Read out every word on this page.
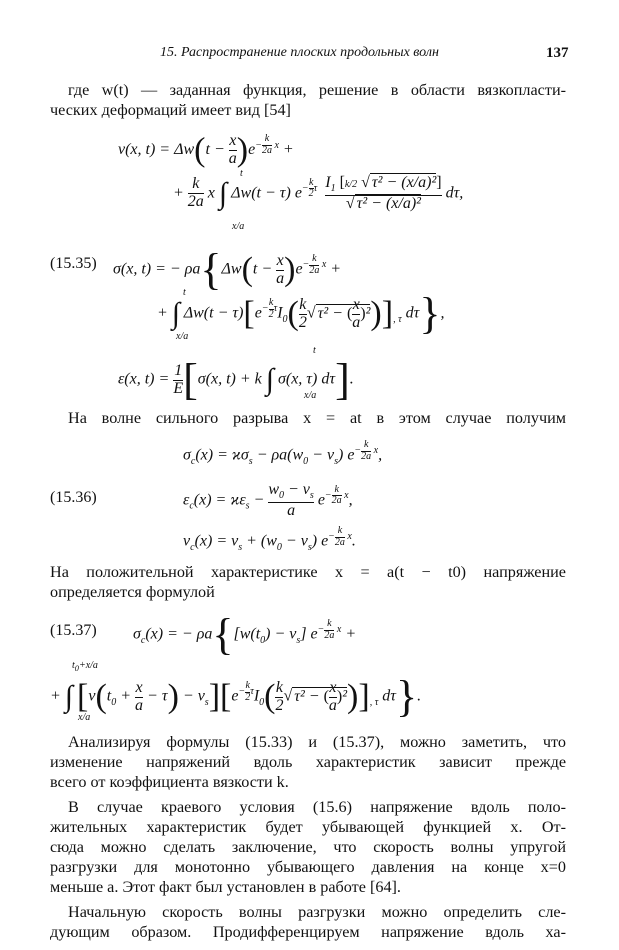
15. Распространение плоских продольных волн	137
где w(t) — заданная функция, решение в области вязкопласти-
ческих деформаций имеет вид [54]
v(x, $t) = \Delta w(t - \frac{x}{a} )e^{- \frac{k}{2a} x}$ +
+ $\frac{k}{2a}$ x ∫ Δw(t − τ) $e^{- \frac{k}{2} \tau} \frac{I_1 [k/2 √ \tau^2 - (x/a)^2]}{\text{√ τ² − (x/a)²}} d\tau$,
t
x/a
(15.35) σ(x, t) = − $\rho a\{\Delta w(t - \frac{x}{a} )e^{- \frac{k}{2a} x}$ +
+ ∫ $\Delta w(t - \tau)[e^{- \frac{k}{2} \tau}I_0( \frac{k}{2}$ √ τ² − ( $\frac{x}{a} )^2)]_{, \tau}$ dτ},
t
x/a
ε(x, $t) = \frac{1}{E} [\sigma(x$, t) + k ∫ σ(x, τ) dτ].
t
x/a
На волне сильного разрыва x = at в этом случае получим
$\sigma_c(x) = ϰ\sigma_s - \rho a(w_0 - v_s)$ $e^{- \frac{k}{2a} x}$,
(15.36)	$\varepsilon_c(x) = ϰ\varepsilon_s - \frac{w_0 - v_s}{a} e^{- \frac{k}{2a} x}$,
$v_c(x) = v_s + (w_0 - v_s)$ $e^{- \frac{k}{2a} x}$.
На положительной характеристике x = a(t − t0) напряжение
определяется формулой
(15.37) $\sigma_c(x)$ = − $\rho a\{[w(t_0) - v_s] e^{- \frac{k}{2a} x}$ +
+ ∫ $[v(t_0 + \frac{x}{a} - \tau) - v_s][e^{- \frac{k}{2} \tau}I_0( \frac{k}{2}$ √ τ² − ( $\frac{x}{a} )^2)]_{, \tau}$ dτ}.
$t_0+x/a$
x/a
Анализируя формулы (15.33) и (15.37), можно заметить, что
изменение напряжений вдоль характеристик зависит прежде
всего от коэффициента вязкости k.
В случае краевого условия (15.6) напряжение вдоль поло-
жительных характеристик будет убывающей функцией x. От-
сюда можно сделать заключение, что скорость волны упругой
разгрузки для монотонно убывающего давления на конце x=0
меньше a. Этот факт был установлен в работе [64].
Начальную скорость волны разгрузки можно определить сле-
дующим образом. Продифференцируем напряжение вдоль ха-
